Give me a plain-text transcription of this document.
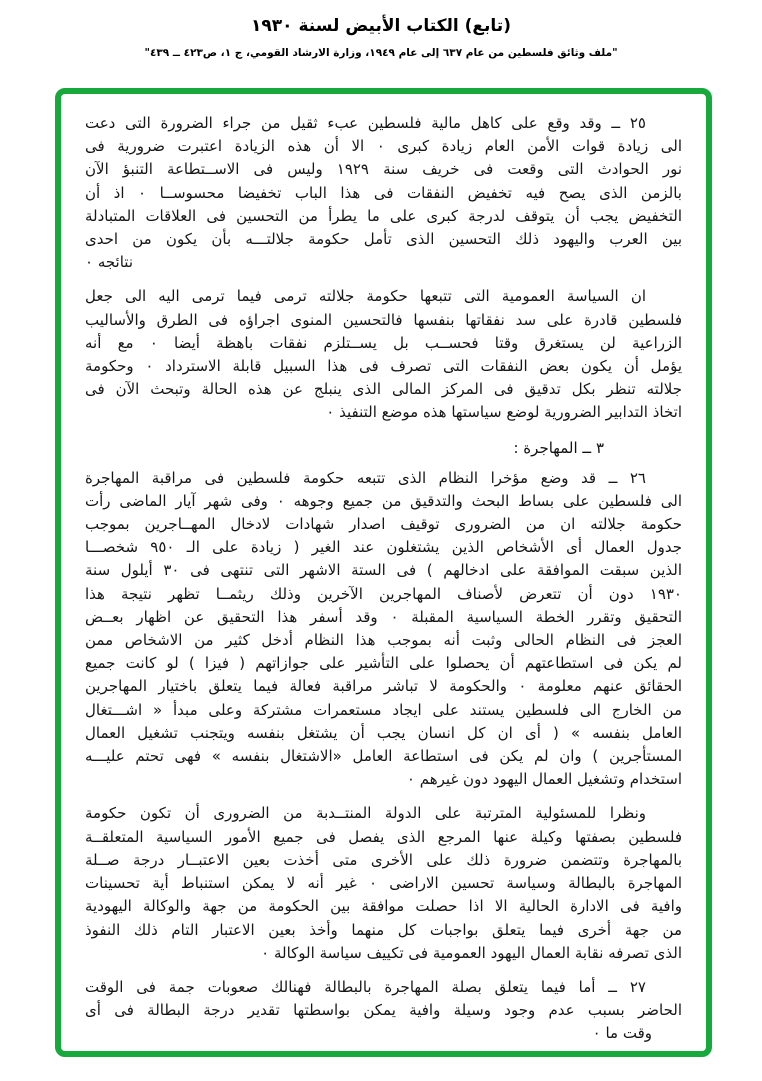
(تابع) الكتاب الأبيض لسنة ١٩٣٠
"ملف وثائق فلسطين من عام ٦٣٧ إلى عام ١٩٤٩، وزارة الارشاد القومي، ج ١، ص٤٢٣ ــ ٤٣٩"
٢٥ ــ وقد وقع على كاهل مالية فلسطين عبء ثقيل من جراء الضرورة التى دعت
الى زيادة قوات الأمن العام زيادة كبرى ٠ الا أن هذه الزيادة اعتبرت ضرورية فى
نور الحوادث التى وقعت فى خريف سنة ١٩٢٩ وليس فى الاســتطاعة التنبؤ الآن
بالزمن الذى يصح فيه تخفيض النفقات فى هذا الباب تخفيضا محسوســا ٠ اذ أن
التخفيض يجب أن يتوقف لدرجة كبرى على ما يطرأ من التحسين فى العلاقات المتبادلة
بين العرب واليهود ذلك التحسين الذى تأمل حكومة جلالتـــه بأن يكون من احدى
نتائجه ٠
ان السياسة العمومية التى تتبعها حكومة جلالته ترمى فيما ترمى اليه الى جعل
فلسطين قادرة على سد نفقاتها بنفسها فالتحسين المنوى اجراؤه فى الطرق والأساليب
الزراعية لن يستغرق وقتا فحســب بل يســتلزم نفقات باهظة أيضا ٠ مع أنه
يؤمل أن يكون بعض النفقات التى تصرف فى هذا السبيل قابلة الاسترداد ٠ وحكومة
جلالته تنظر بكل تدقيق فى المركز المالى الذى ينبلج عن هذه الحالة وتبحث الآن فى
اتخاذ التدابير الضرورية لوضع سياستها هذه موضع التنفيذ ٠
٣ ــ المهاجرة :
٢٦ ــ قد وضع مؤخرا النظام الذى تتبعه حكومة فلسطين فى مراقبة المهاجرة
الى فلسطين على بساط البحث والتدقيق من جميع وجوهه ٠ وفى شهر آيار الماضى رأت
حكومة جلالته ان من الضرورى توقيف اصدار شهادات لادخال المهــاجرين بموجب
جدول العمال أى الأشخاص الذين يشتغلون عند الغير ( زيادة على الـ ٩٥٠ شخصـــا
الذين سبقت الموافقة على ادخالهم ) فى الستة الاشهر التى تنتهى فى ٣٠ أيلول سنة
١٩٣٠ دون أن تتعرض لأصناف المهاجرين الآخرين وذلك ريثمــا تظهر نتيجة هذا
التحقيق وتقرر الخطة السياسية المقبلة ٠ وقد أسفر هذا التحقيق عن اظهار بعــض
العجز فى النظام الحالى وثبت أنه بموجب هذا النظام أدخل كثير من الاشخاص ممن
لم يكن فى استطاعتهم أن يحصلوا على التأشير على جوازاتهم ( فيزا ) لو كانت جميع
الحقائق عنهم معلومة ٠ والحكومة لا تباشر مراقبة فعالة فيما يتعلق باختيار المهاجرين
من الخارج الى فلسطين يستند على ايجاد مستعمرات مشتركة وعلى مبدأ « اشـــتغال
العامل بنفسه » ( أى ان كل انسان يجب أن يشتغل بنفسه ويتجنب تشغيل العمال
المستأجرين ) وان لم يكن فى استطاعة العامل «الاشتغال بنفسه » فهى تحتم عليـــه
استخدام وتشغيل العمال اليهود دون غيرهم ٠
ونظرا للمسئولية المترتبة على الدولة المنتــدبة من الضرورى أن تكون حكومة
فلسطين بصفتها وكيلة عنها المرجع الذى يفصل فى جميع الأمور السياسية المتعلقــة
بالمهاجرة وتتضمن ضرورة ذلك على الأخرى متى أخذت بعين الاعتبــار درجة صــلة
المهاجرة بالبطالة وسياسة تحسين الاراضى ٠ غير أنه لا يمكن استنباط أية تحسينات
وافية فى الادارة الحالية الا اذا حصلت موافقة بين الحكومة من جهة والوكالة اليهودية
من جهة أخرى فيما يتعلق بواجبات كل منهما وأخذ بعين الاعتبار التام ذلك النفوذ
الذى تصرفه نقابة العمال اليهود العمومية فى تكييف سياسة الوكالة ٠
٢٧ ــ أما فيما يتعلق بصلة المهاجرة بالبطالة فهنالك صعوبات جمة فى الوقت
الحاضر بسبب عدم وجود وسيلة وافية يمكن بواسطتها تقدير درجة البطالة فى أى
وقت ما ٠
